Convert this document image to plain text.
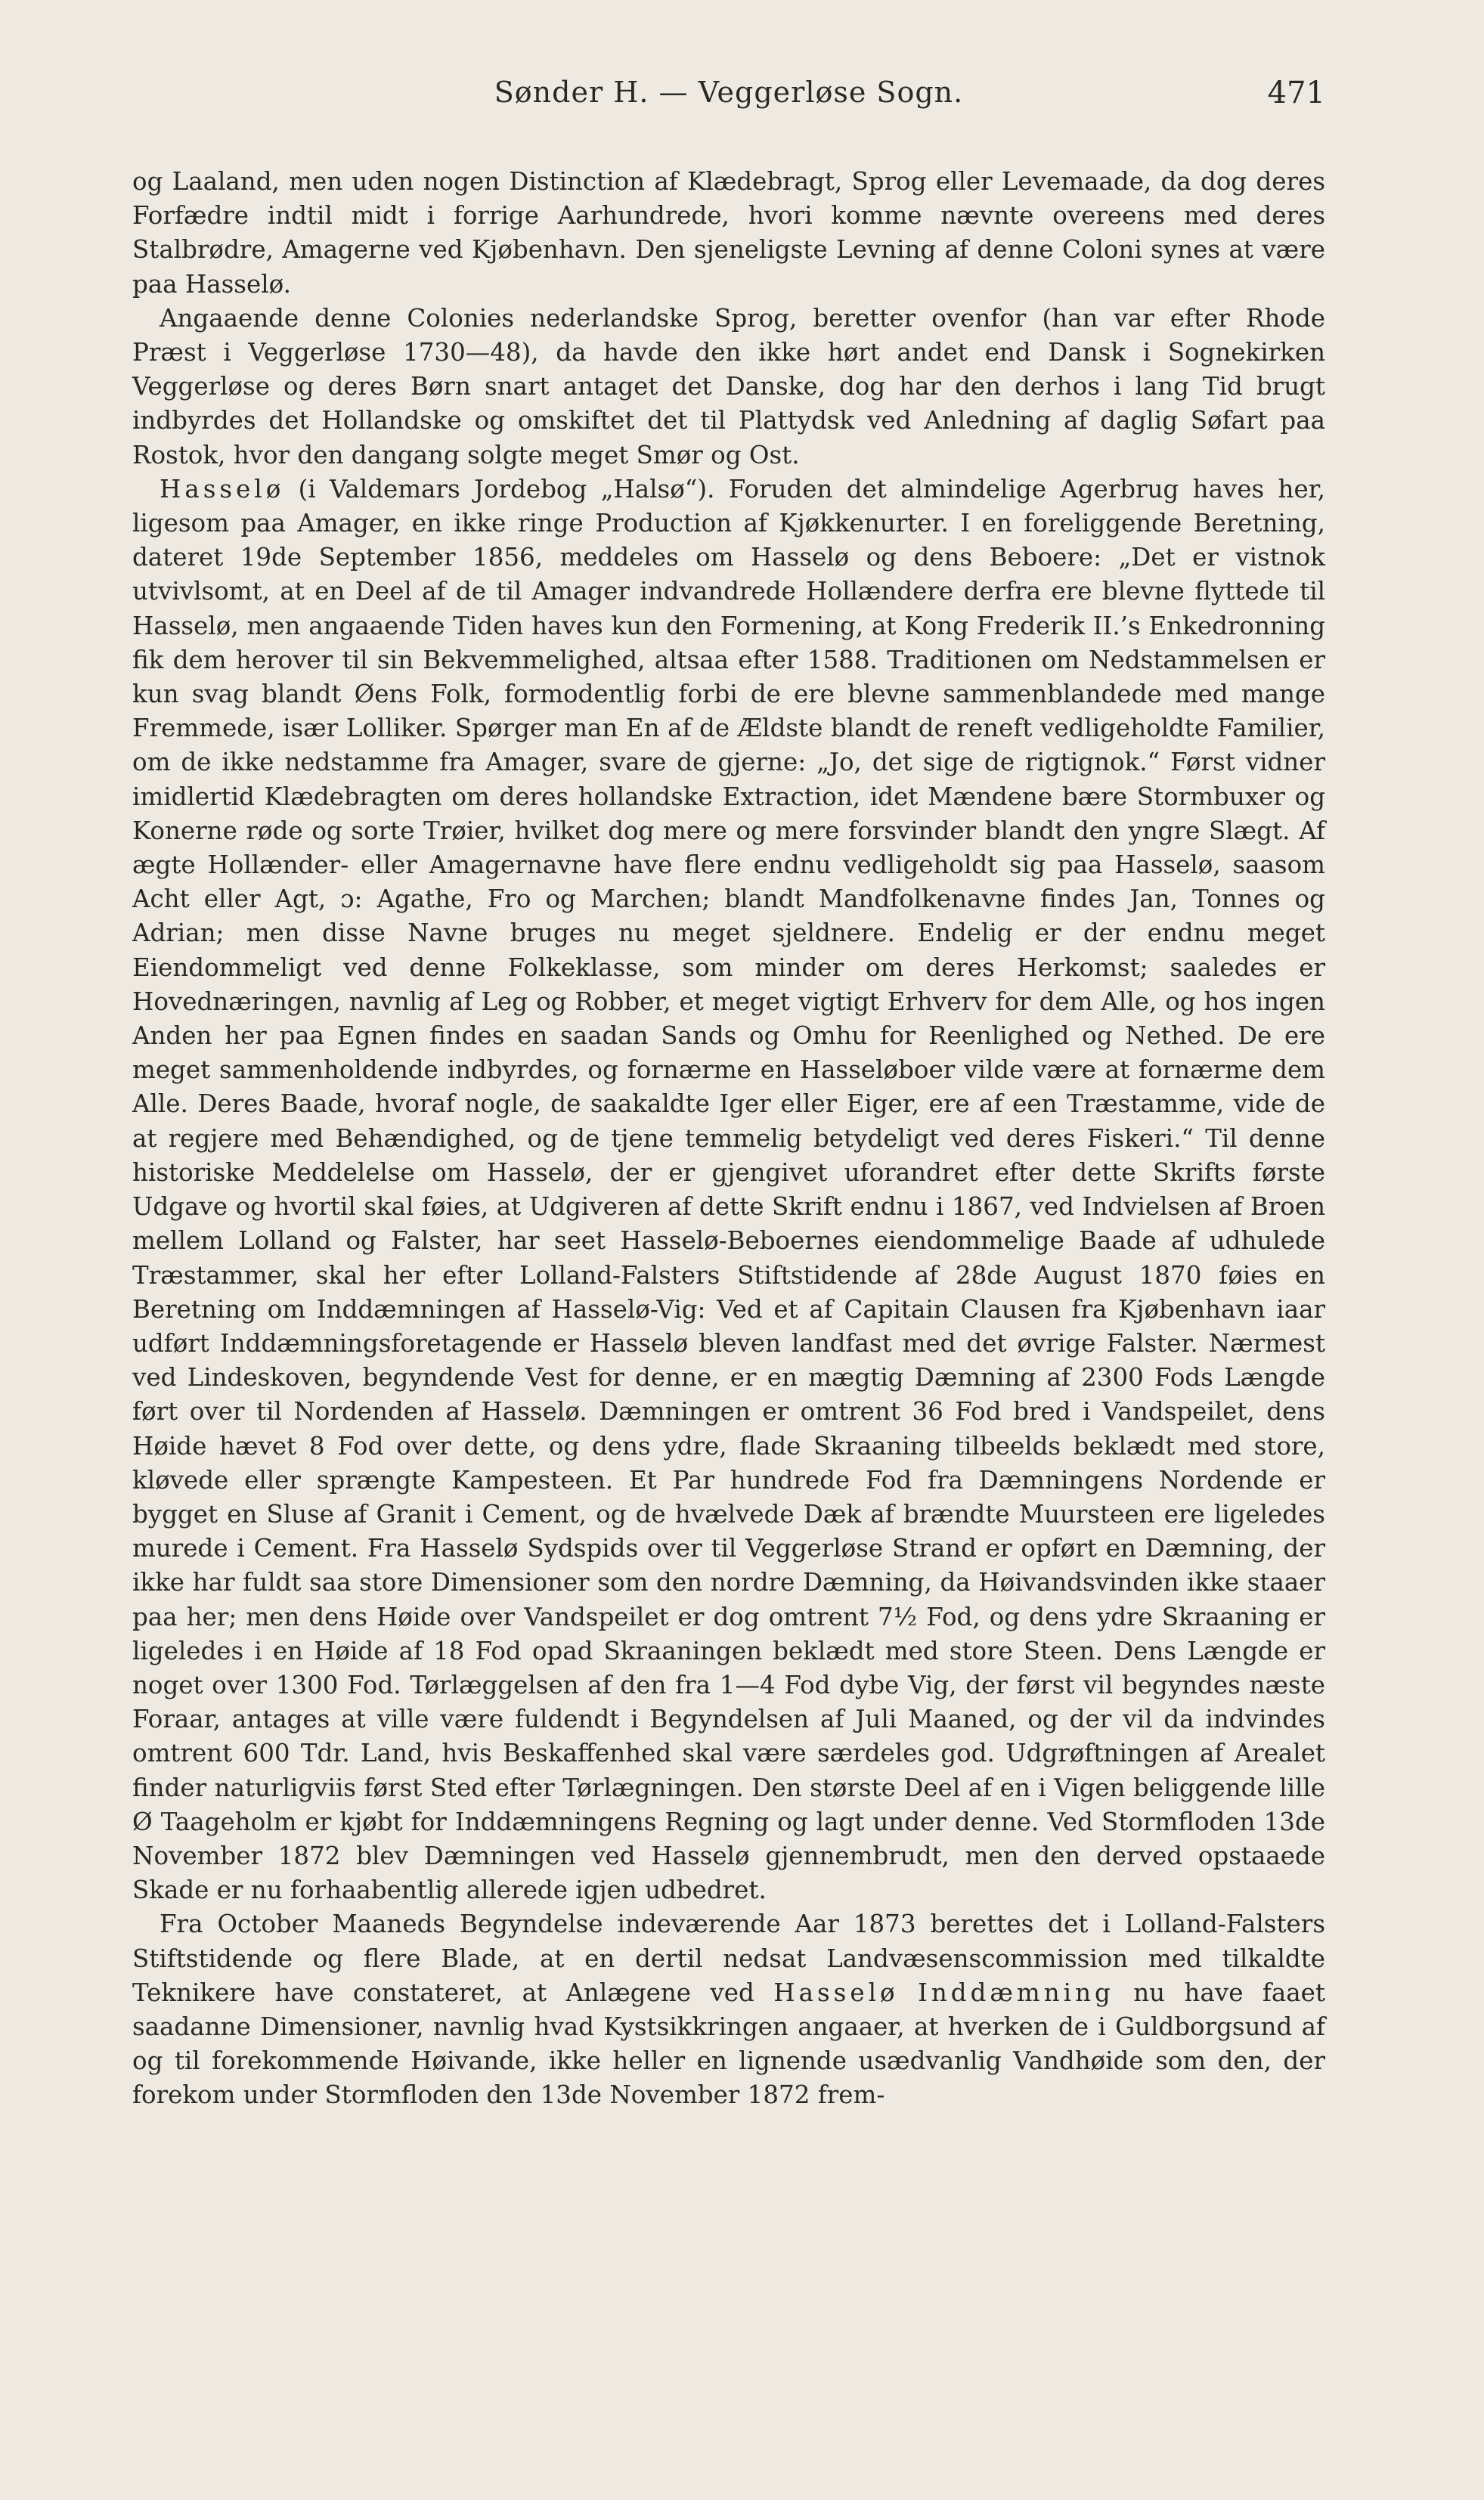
Sønder H. — Veggerløse Sogn.	471

og Laaland, men uden nogen Distinction af Klædebragt, Sprog eller Levemaade, da dog deres Forfædre indtil midt i forrige Aarhundrede, hvori komme nævnte overeens med deres Stalbrødre, Amagerne ved Kjøbenhavn. Den sjeneligste Levning af denne Coloni synes at være paa Hasselø.

Angaaende denne Colonies nederlandske Sprog, beretter ovenfor (han var efter Rhode Præst i Veggerløse 1730—48), da havde den ikke hørt andet end Dansk i Sognekirken Veggerløse og deres Børn snart antaget det Danske, dog har den derhos i lang Tid brugt indbyrdes det Hollandske og omskiftet det til Plattydsk ved Anledning af daglig Søfart paa Rostok, hvor den dangang solgte meget Smør og Ost.

Hasselø (i Valdemars Jordebog „Halsø“). Foruden det almindelige Agerbrug haves her, ligesom paa Amager, en ikke ringe Production af Kjøkkenurter. I en foreliggende Beretning, dateret 19de September 1856, meddeles om Hasselø og dens Beboere: „Det er vistnok utvivlsomt, at en Deel af de til Amager indvandrede Hollændere derfra ere blevne flyttede til Hasselø, men angaaende Tiden haves kun den Formening, at Kong Frederik II.’s Enkedronning fik dem herover til sin Bekvemmelighed, altsaa efter 1588. Traditionen om Nedstammelsen er kun svag blandt Øens Folk, formodentlig forbi de ere blevne sammenblandede med mange Fremmede, især Lolliker. Spørger man En af de Ældste blandt de reneft vedligeholdte Familier, om de ikke nedstamme fra Amager, svare de gjerne: „Jo, det sige de rigtignok.“ Først vidner imidlertid Klædebragten om deres hollandske Extraction, idet Mændene bære Stormbuxer og Konerne røde og sorte Trøier, hvilket dog mere og mere forsvinder blandt den yngre Slægt. Af ægte Hollænder- eller Amagernavne have flere endnu vedligeholdt sig paa Hasselø, saasom Acht eller Agt, ɔ: Agathe, Fro og Marchen; blandt Mandfolkenavne findes Jan, Tonnes og Adrian; men disse Navne bruges nu meget sjeldnere. Endelig er der endnu meget Eiendommeligt ved denne Folkeklasse, som minder om deres Herkomst; saaledes er Hovednæringen, navnlig af Leg og Robber, et meget vigtigt Erhverv for dem Alle, og hos ingen Anden her paa Egnen findes en saadan Sands og Omhu for Reenlighed og Nethed. De ere meget sammenholdende indbyrdes, og fornærme en Hasseløboer vilde være at fornærme dem Alle. Deres Baade, hvoraf nogle, de saakaldte Iger eller Eiger, ere af een Træstamme, vide de at regjere med Behændighed, og de tjene temmelig betydeligt ved deres Fiskeri.“ Til denne historiske Meddelelse om Hasselø, der er gjengivet uforandret efter dette Skrifts første Udgave og hvortil skal føies, at Udgiveren af dette Skrift endnu i 1867, ved Indvielsen af Broen mellem Lolland og Falster, har seet Hasselø-Beboernes eiendommelige Baade af udhulede Træstammer, skal her efter Lolland-Falsters Stiftstidende af 28de August 1870 føies en Beretning om Inddæmningen af Hasselø-Vig: Ved et af Capitain Clausen fra Kjøbenhavn iaar udført Inddæmningsforetagende er Hasselø bleven landfast med det øvrige Falster. Nærmest ved Lindeskoven, begyndende Vest for denne, er en mægtig Dæmning af 2300 Fods Længde ført over til Nordenden af Hasselø. Dæmningen er omtrent 36 Fod bred i Vandspeilet, dens Høide hævet 8 Fod over dette, og dens ydre, flade Skraaning tilbeelds beklædt med store, kløvede eller sprængte Kampesteen. Et Par hundrede Fod fra Dæmningens Nordende er bygget en Sluse af Granit i Cement, og de hvælvede Dæk af brændte Muursteen ere ligeledes murede i Cement. Fra Hasselø Sydspids over til Veggerløse Strand er opført en Dæmning, der ikke har fuldt saa store Dimensioner som den nordre Dæmning, da Høivandsvinden ikke staaer paa her; men dens Høide over Vandspeilet er dog omtrent 7½ Fod, og dens ydre Skraaning er ligeledes i en Høide af 18 Fod opad Skraaningen beklædt med store Steen. Dens Længde er noget over 1300 Fod. Tørlæggelsen af den fra 1—4 Fod dybe Vig, der først vil begyndes næste Foraar, antages at ville være fuldendt i Begyndelsen af Juli Maaned, og der vil da indvindes omtrent 600 Tdr. Land, hvis Beskaffenhed skal være særdeles god. Udgrøftningen af Arealet finder naturligviis først Sted efter Tørlægningen. Den største Deel af en i Vigen beliggende lille Ø Taageholm er kjøbt for Inddæmningens Regning og lagt under denne. Ved Stormfloden 13de November 1872 blev Dæmningen ved Hasselø gjennembrudt, men den derved opstaaede Skade er nu forhaabentlig allerede igjen udbedret.

Fra October Maaneds Begyndelse indeværende Aar 1873 berettes det i Lolland-Falsters Stiftstidende og flere Blade, at en dertil nedsat Landvæsenscommission med tilkaldte Teknikere have constateret, at Anlægene ved Hasselø Inddæmning nu have faaet saadanne Dimensioner, navnlig hvad Kystsikkringen angaaer, at hverken de i Guldborgsund af og til forekommende Høivande, ikke heller en lignende usædvanlig Vandhøide som den, der forekom under Stormfloden den 13de November 1872 frem-
